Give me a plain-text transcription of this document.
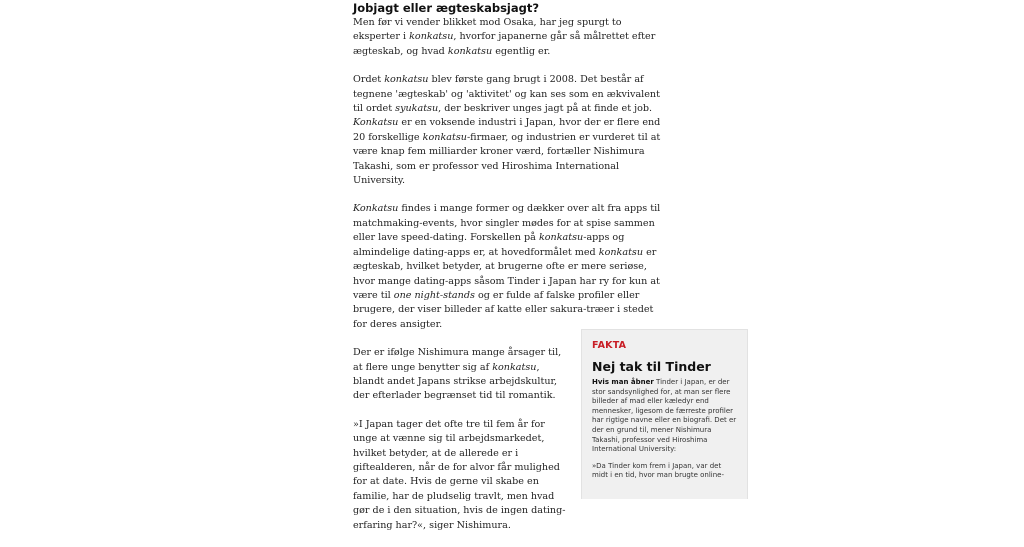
Jobjagt eller ægteskabsjagt?

Men før vi vender blikket mod Osaka, har jeg spurgt to eksperter i konkatsu, hvorfor japanerne går så målrettet efter ægteskab, og hvad konkatsu egentlig er.

Ordet konkatsu blev første gang brugt i 2008. Det består af tegnene 'ægteskab' og 'aktivitet' og kan ses som en ækvivalent til ordet syukatsu, der beskriver unges jagt på at finde et job. Konkatsu er en voksende industri i Japan, hvor der er flere end 20 forskellige konkatsu-firmaer, og industrien er vurderet til at være knap fem milliarder kroner værd, fortæller Nishimura Takashi, som er professor ved Hiroshima International University.

Konkatsu findes i mange former og dækker over alt fra apps til matchmaking-events, hvor singler mødes for at spise sammen eller lave speed-dating. Forskellen på konkatsu-apps og almindelige dating-apps er, at hovedformålet med konkatsu er ægteskab, hvilket betyder, at brugerne ofte er mere seriøse, hvor mange dating-apps såsom Tinder i Japan har ry for kun at være til one night-stands og er fulde af falske profiler eller brugere, der viser billeder af katte eller sakura-træer i stedet for deres ansigter.

Der er ifølge Nishimura mange årsager til, at flere unge benytter sig af konkatsu, blandt andet Japans strikse arbejdskultur, der efterlader begrænset tid til romantik.

»I Japan tager det ofte tre til fem år for unge at vænne sig til arbejdsmarkedet, hvilket betyder, at de allerede er i giftealderen, når de for alvor får mulighed for at date. Hvis de gerne vil skabe en familie, har de pludselig travlt, men hvad gør de i den situation, hvis de ingen dating-erfaring har?«, siger Nishimura.

FAKTA
Nej tak til Tinder

Hvis man åbner Tinder i Japan, er der stor sandsynlighed for, at man ser flere billeder af mad eller kæledyr end mennesker, ligesom de færreste profiler har rigtige navne eller en biografi. Det er der en grund til, mener Nishimura Takashi, professor ved Hiroshima International University:

»Da Tinder kom frem i Japan, var det midt i en tid, hvor man brugte online-
